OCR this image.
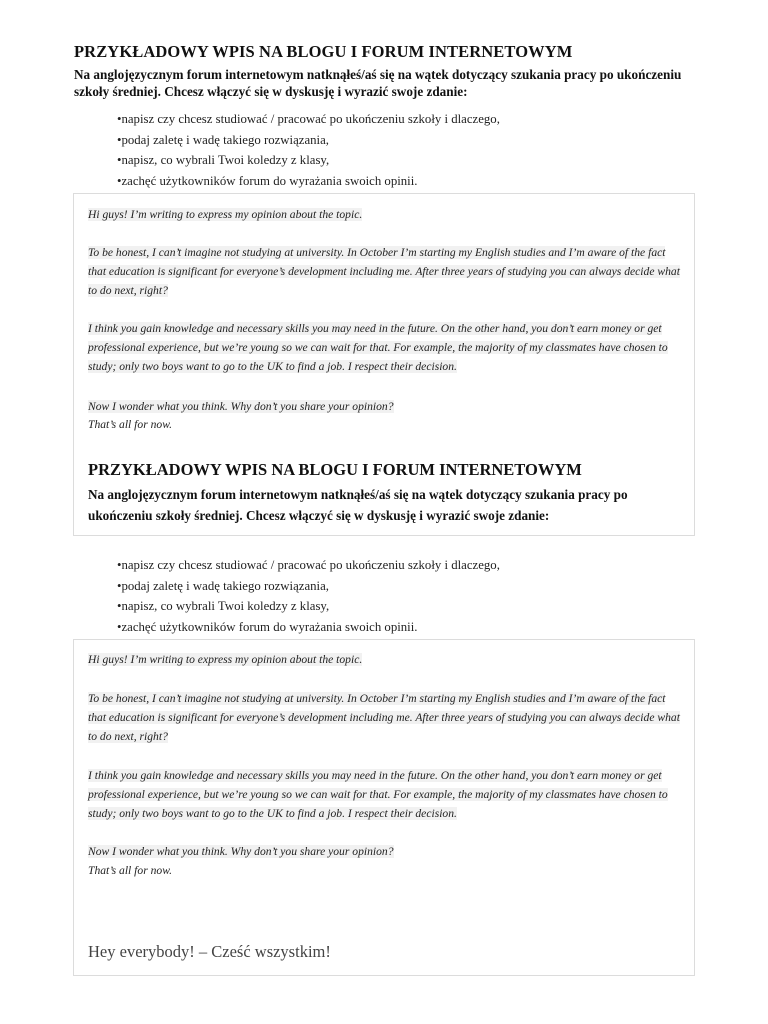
PRZYKŁADOWY WPIS NA BLOGU I FORUM INTERNETOWYM

Na anglojęzycznym forum internetowym natknąłeś/aś się na wątek dotyczący szukania pracy po ukończeniu szkoły średniej. Chcesz włączyć się w dyskusję i wyrazić swoje zdanie:

•napisz czy chcesz studiować / pracować po ukończeniu szkoły i dlaczego,
•podaj zaletę i wadę takiego rozwiązania,
•napisz, co wybrali Twoi koledzy z klasy,
•zachęć użytkowników forum do wyrażania swoich opinii.

Hi guys! I’m writing to express my opinion about the topic.

To be honest, I can’t imagine not studying at university. In October I’m starting my English studies and I’m aware of the fact that education is significant for everyone’s development including me. After three years of studying you can always decide what to do next, right?

I think you gain knowledge and necessary skills you may need in the future. On the other hand, you don’t earn money or get professional experience, but we’re young so we can wait for that. For example, the majority of my classmates have chosen to study; only two boys want to go to the UK to find a job. I respect their decision.

Now I wonder what you think. Why don’t you share your opinion?

That’s all for now.

PRZYKŁADOWY WPIS NA BLOGU I FORUM INTERNETOWYM

Na anglojęzycznym forum internetowym natknąłeś/aś się na wątek dotyczący szukania pracy po ukończeniu szkoły średniej. Chcesz włączyć się w dyskusję i wyrazić swoje zdanie:

•napisz czy chcesz studiować / pracować po ukończeniu szkoły i dlaczego,
•podaj zaletę i wadę takiego rozwiązania,
•napisz, co wybrali Twoi koledzy z klasy,
•zachęć użytkowników forum do wyrażania swoich opinii.

Hi guys! I’m writing to express my opinion about the topic.

To be honest, I can’t imagine not studying at university. In October I’m starting my English studies and I’m aware of the fact that education is significant for everyone’s development including me. After three years of studying you can always decide what to do next, right?

I think you gain knowledge and necessary skills you may need in the future. On the other hand, you don’t earn money or get professional experience, but we’re young so we can wait for that. For example, the majority of my classmates have chosen to study; only two boys want to go to the UK to find a job. I respect their decision.

Now I wonder what you think. Why don’t you share your opinion?

That’s all for now.

Hey everybody! – Cześć wszystkim!
